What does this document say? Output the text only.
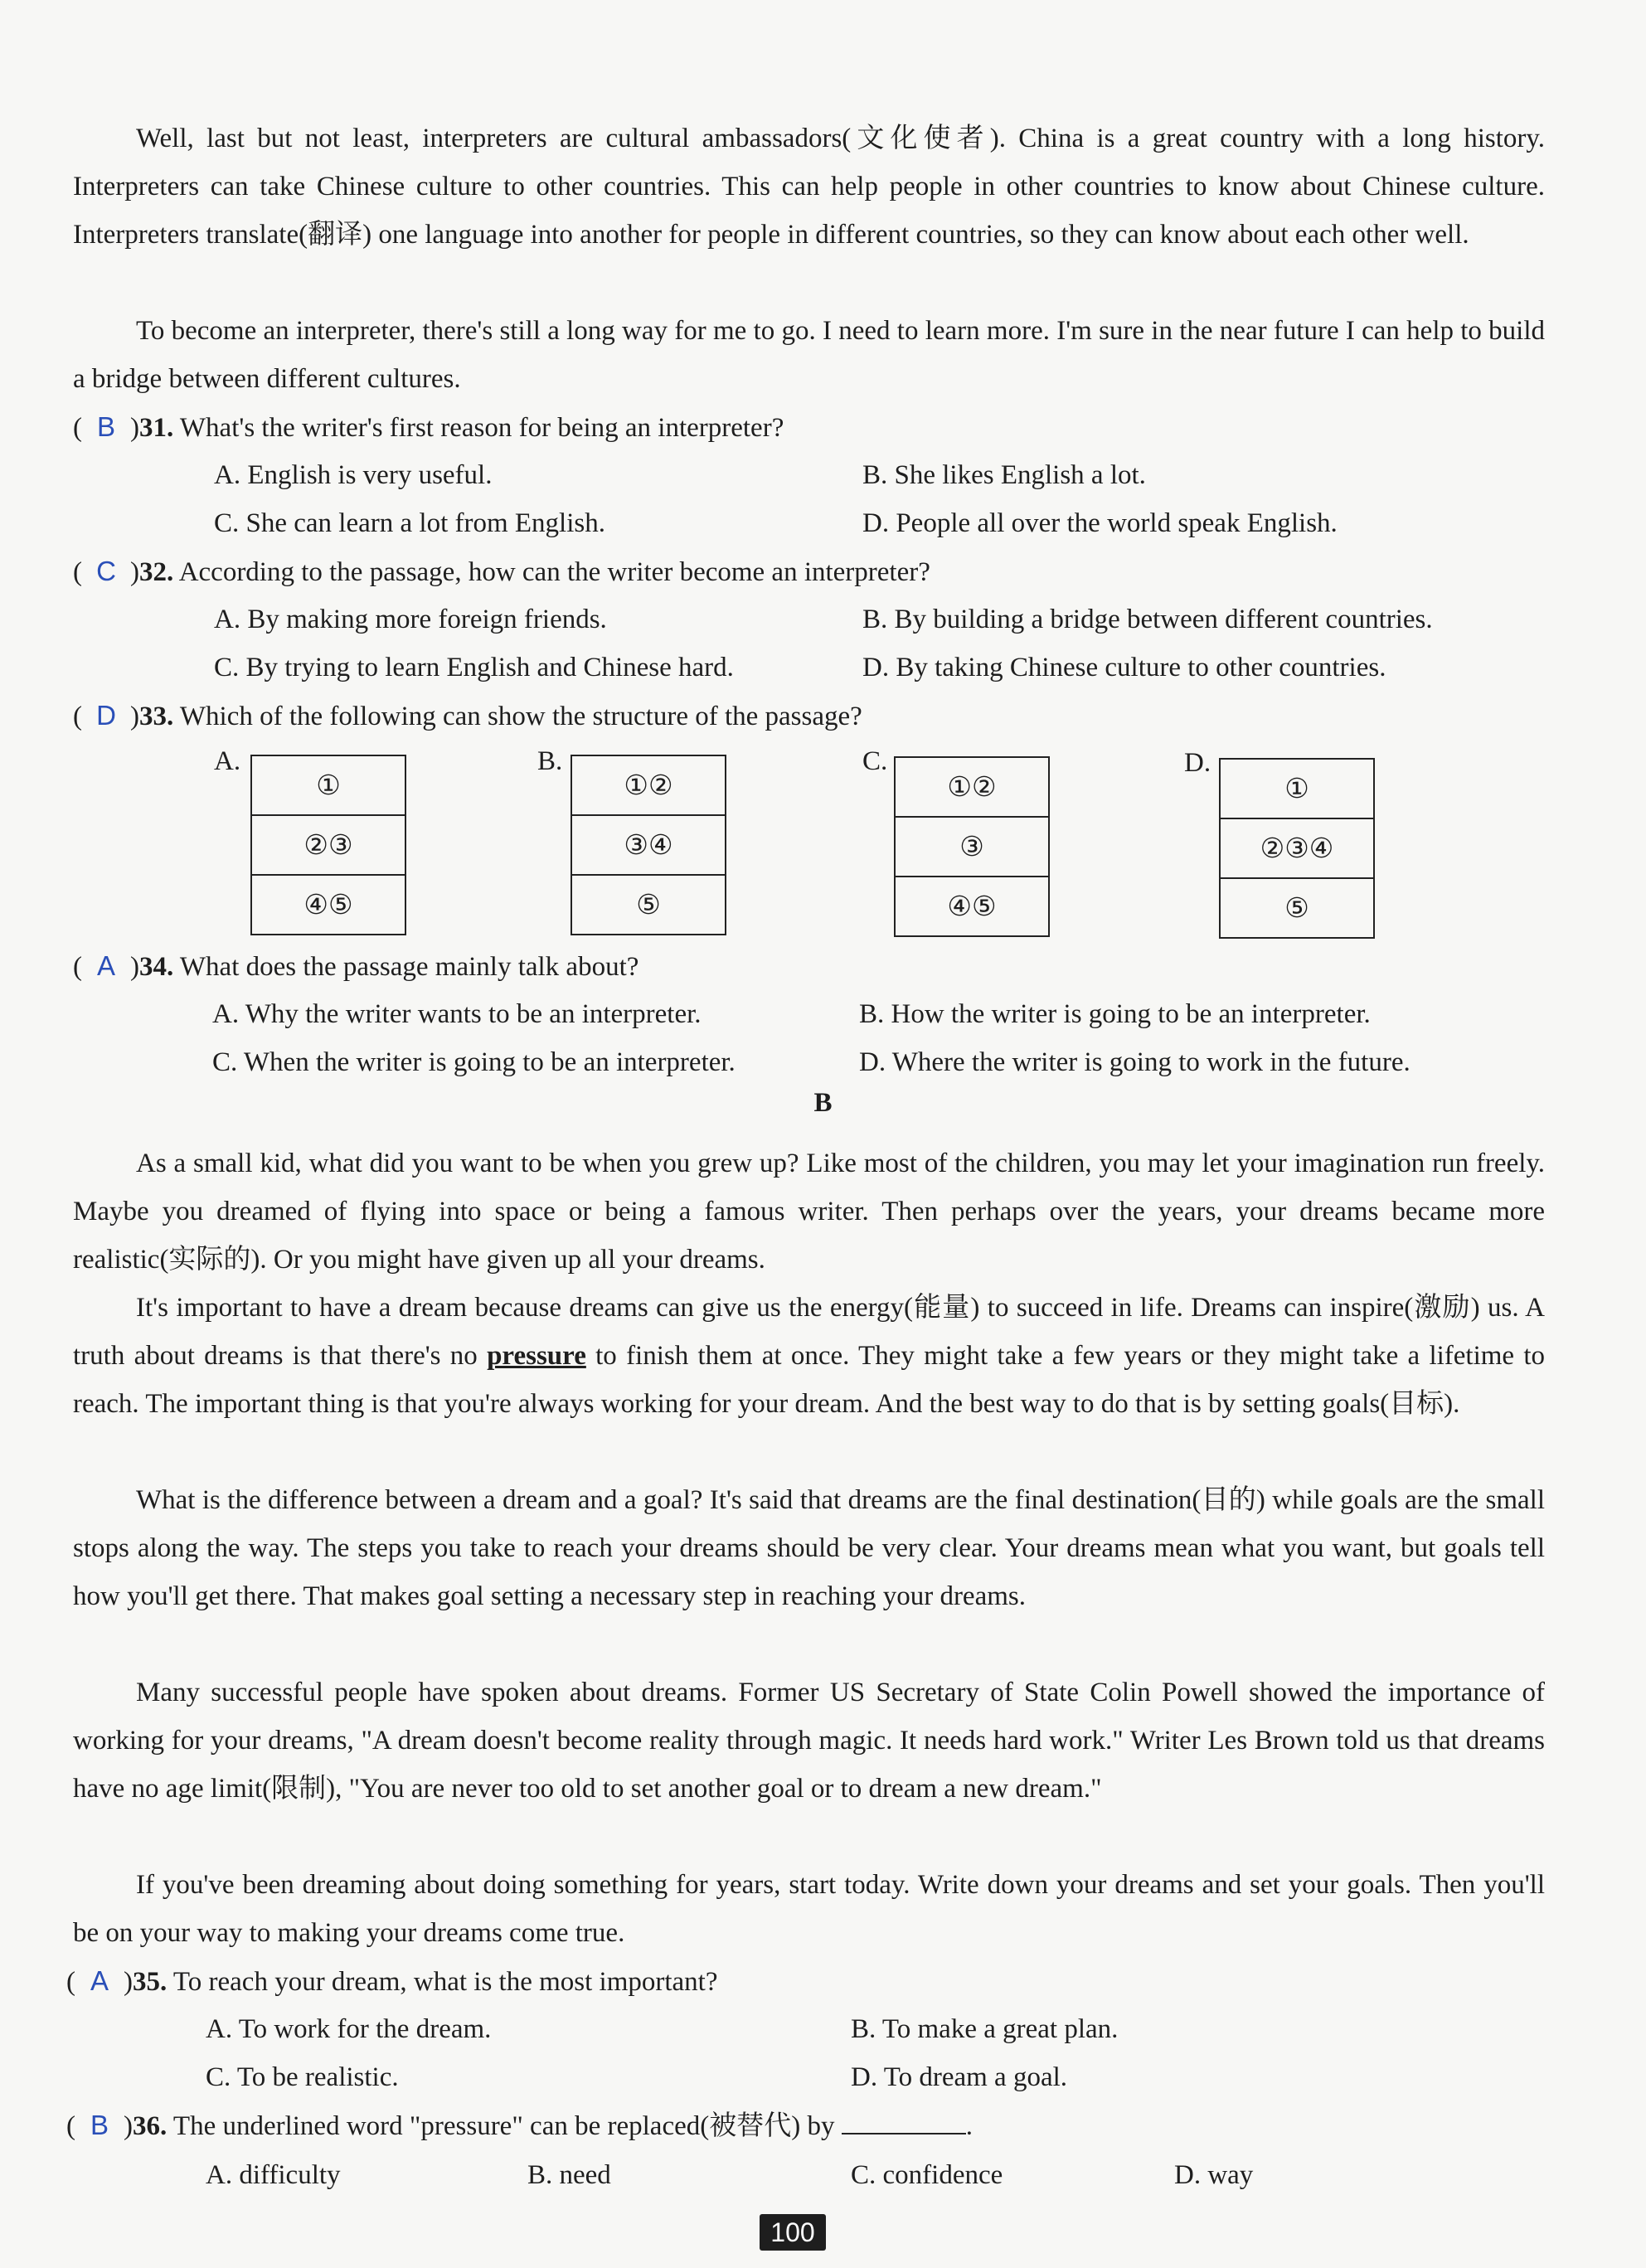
Well, last but not least, interpreters are cultural ambassadors(文化使者). China is a great country with a long history. Interpreters can take Chinese culture to other countries. This can help people in other countries to know about Chinese culture. Interpreters translate(翻译) one language into another for people in different countries, so they can know about each other well.

To become an interpreter, there's still a long way for me to go. I need to learn more. I'm sure in the near future I can help to build a bridge between different cultures.

( B )31. What's the writer's first reason for being an interpreter?
A. English is very useful.	B. She likes English a lot.
C. She can learn a lot from English.	D. People all over the world speak English.
( C )32. According to the passage, how can the writer become an interpreter?
A. By making more foreign friends.	B. By building a bridge between different countries.
C. By trying to learn English and Chinese hard.	D. By taking Chinese culture to other countries.
( D )33. Which of the following can show the structure of the passage?
A.
①
②③
④⑤
B.
①②
③④
⑤
C.
①②
③
④⑤
D.
①
②③④
⑤
( A )34. What does the passage mainly talk about?
A. Why the writer wants to be an interpreter.	B. How the writer is going to be an interpreter.
C. When the writer is going to be an interpreter.	D. Where the writer is going to work in the future.
B

As a small kid, what did you want to be when you grew up? Like most of the children, you may let your imagination run freely. Maybe you dreamed of flying into space or being a famous writer. Then perhaps over the years, your dreams became more realistic(实际的). Or you might have given up all your dreams.

It's important to have a dream because dreams can give us the energy(能量) to succeed in life. Dreams can inspire(激励) us. A truth about dreams is that there's no pressure to finish them at once. They might take a few years or they might take a lifetime to reach. The important thing is that you're always working for your dream. And the best way to do that is by setting goals(目标).

What is the difference between a dream and a goal? It's said that dreams are the final destination(目的) while goals are the small stops along the way. The steps you take to reach your dreams should be very clear. Your dreams mean what you want, but goals tell how you'll get there. That makes goal setting a necessary step in reaching your dreams.

Many successful people have spoken about dreams. Former US Secretary of State Colin Powell showed the importance of working for your dreams, "A dream doesn't become reality through magic. It needs hard work." Writer Les Brown told us that dreams have no age limit(限制), "You are never too old to set another goal or to dream a new dream."

If you've been dreaming about doing something for years, start today. Write down your dreams and set your goals. Then you'll be on your way to making your dreams come true.

( A )35. To reach your dream, what is the most important?
A. To work for the dream.	B. To make a great plan.
C. To be realistic.	D. To dream a goal.
( B )36. The underlined word "pressure" can be replaced(被替代) by	.
A. difficulty	B. need	C. confidence	D. way
100
